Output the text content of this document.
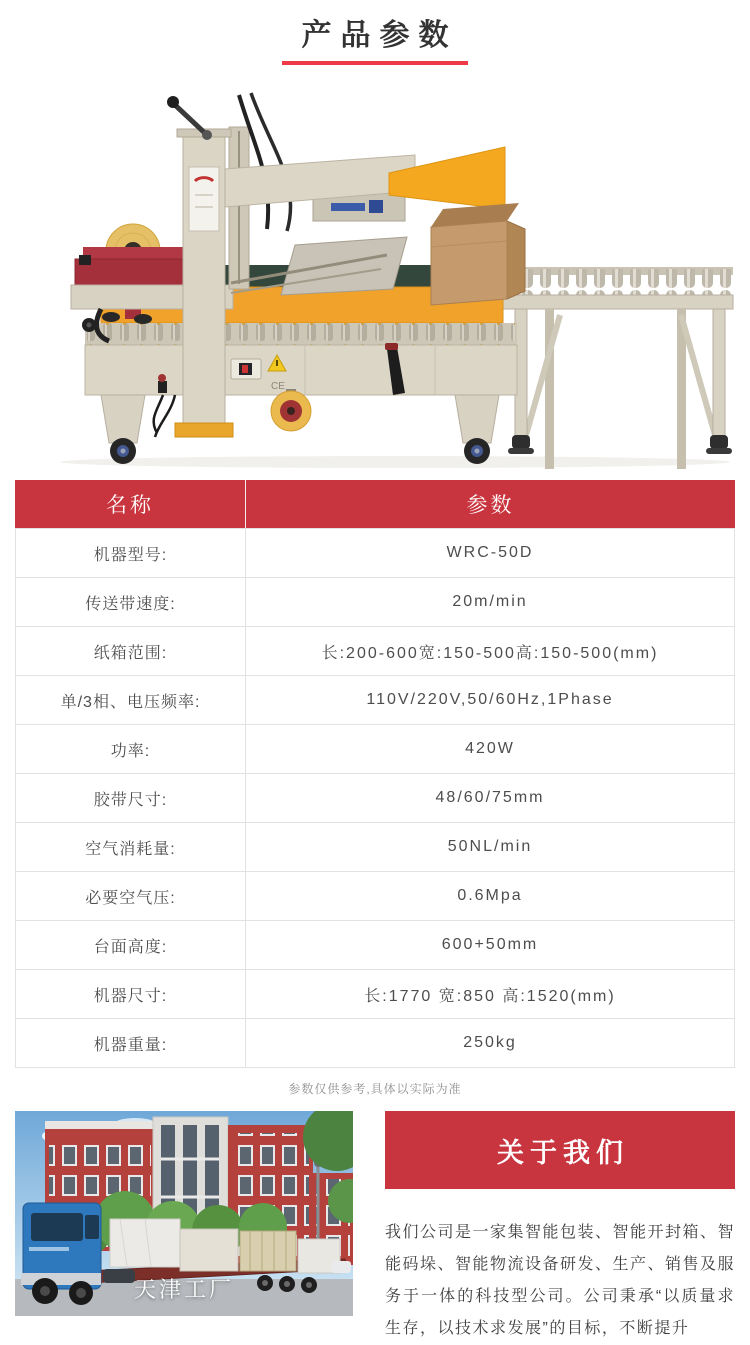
产品参数
CE
名称	参数
机器型号:	WRC-50D
传送带速度:	20m/min
纸箱范围:	长:200-600宽:150-500高:150-500(mm)
单/3相、电压频率:	110V/220V,50/60Hz,1Phase
功率:	420W
胶带尺寸:	48/60/75mm
空气消耗量:	50NL/min
必要空气压:	0.6Mpa
台面高度:	600+50mm
机器尺寸:	长:1770 宽:850 高:1520(mm)
机器重量:	250kg

参数仅供参考,具体以实际为准

天津工厂
关于我们

我们公司是一家集智能包装、智能开封箱、智能码垛、智能物流设备研发、生产、销售及服务于一体的科技型公司。公司秉承“以质量求生存，以技术求发展”的目标，不断提升
